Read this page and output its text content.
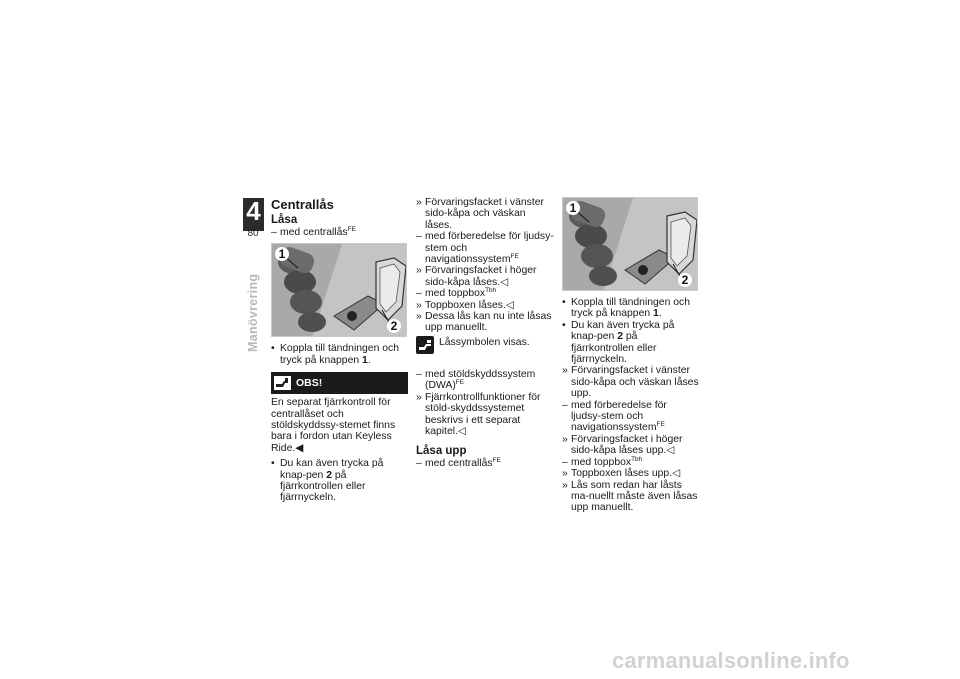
4
80
Manövrering
Centrallås
Låsa
– med centrallås$^{FE}$
1
2
• Koppla till tändningen och tryck på knappen 1.
OBS!
En separat fjärrkontroll för centrallåset och stöldskyddssy-stemet finns bara i fordon utan Keyless Ride.◀
• Du kan även trycka på knap-pen 2 på fjärrkontrollen eller fjärrnyckeln.
» Förvaringsfacket i vänster sido-kåpa och väskan låses.
– med förberedelse för ljudsy-stem och navigationssystem$^{FE}$
» Förvaringsfacket i höger sido-kåpa låses.◁
– med toppbox$^{Tbh}$
» Toppboxen låses.◁
» Dessa lås kan nu inte låsas upp manuellt.
Låssymbolen visas.
– med stöldskyddssystem (DWA)$^{FE}$
» Fjärrkontrollfunktioner för stöld-skyddssystemet beskrivs i ett separat kapitel.◁
Låsa upp
– med centrallås$^{FE}$
1
2
• Koppla till tändningen och tryck på knappen 1.
• Du kan även trycka på knap-pen 2 på fjärrkontrollen eller fjärrnyckeln.
» Förvaringsfacket i vänster sido-kåpa och väskan låses upp.
– med förberedelse för ljudsy-stem och navigationssystem$^{FE}$
» Förvaringsfacket i höger sido-kåpa låses upp.◁
– med toppbox$^{Tbh}$
» Toppboxen låses upp.◁
» Lås som redan har låsts ma-nuellt måste även låsas upp manuellt.
carmanualsonline.info
